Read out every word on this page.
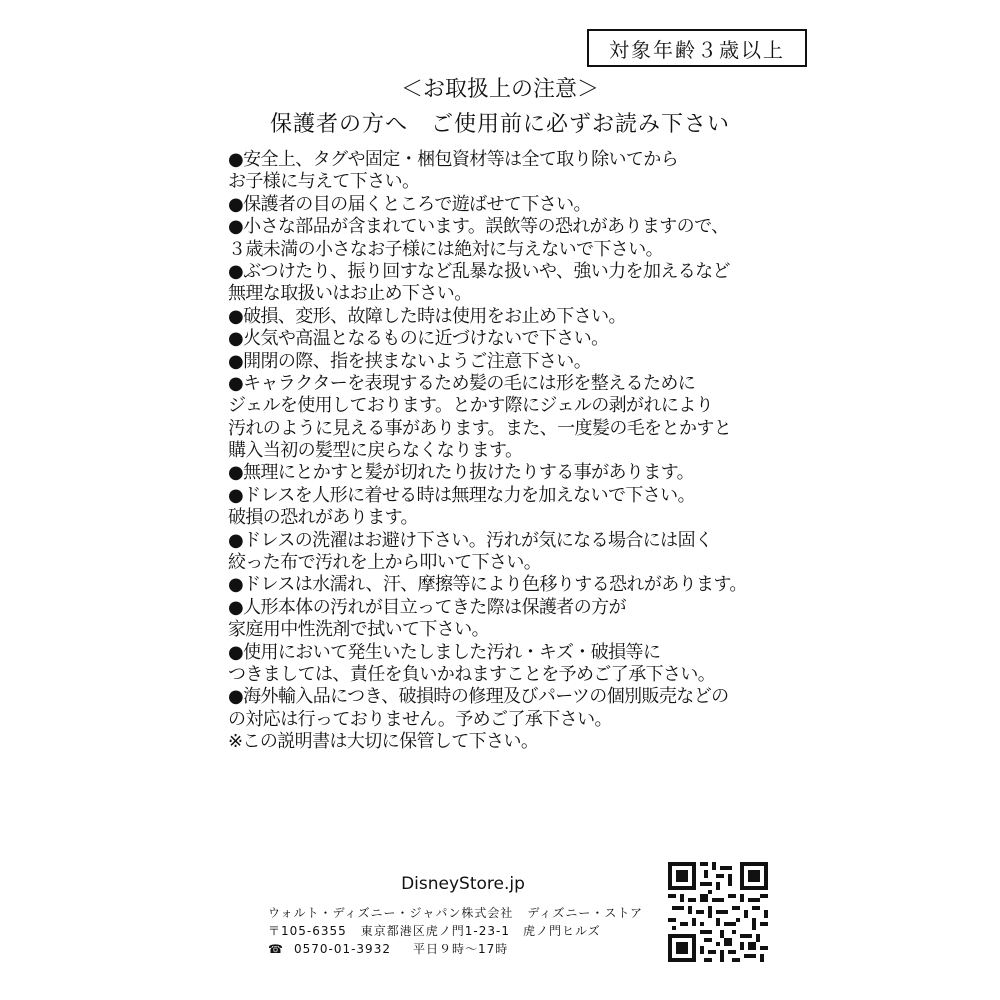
対象年齢３歳以上
＜お取扱上の注意＞
保護者の方へ　ご使用前に必ずお読み下さい
●安全上、タグや固定・梱包資材等は全て取り除いてから
お子様に与えて下さい。
●保護者の目の届くところで遊ばせて下さい。
●小さな部品が含まれています。誤飲等の恐れがありますので、
３歳未満の小さなお子様には絶対に与えないで下さい。
●ぶつけたり、振り回すなど乱暴な扱いや、強い力を加えるなど
無理な取扱いはお止め下さい。
●破損、変形、故障した時は使用をお止め下さい。
●火気や高温となるものに近づけないで下さい。
●開閉の際、指を挟まないようご注意下さい。
●キャラクターを表現するため髪の毛には形を整えるために
ジェルを使用しております。とかす際にジェルの剥がれにより
汚れのように見える事があります。また、一度髪の毛をとかすと
購入当初の髪型に戻らなくなります。
●無理にとかすと髪が切れたり抜けたりする事があります。
●ドレスを人形に着せる時は無理な力を加えないで下さい。
破損の恐れがあります。
●ドレスの洗濯はお避け下さい。汚れが気になる場合には固く
絞った布で汚れを上から叩いて下さい。
●ドレスは水濡れ、汗、摩擦等により色移りする恐れがあります。
●人形本体の汚れが目立ってきた際は保護者の方が
家庭用中性洗剤で拭いて下さい。
●使用において発生いたしました汚れ・キズ・破損等に
つきましては、責任を負いかねますことを予めご了承下さい。
●海外輸入品につき、破損時の修理及びパーツの個別販売などの
の対応は行っておりません。予めご了承下さい。
※この説明書は大切に保管して下さい。
DisneyStore.jp
ウォルト・ディズニー・ジャパン株式会社 ディズニー・ストア
〒105-6355 東京都港区虎ノ門1-23-1　虎ノ門ヒルズ
☎ 0570-01-3932 平日９時～17時
